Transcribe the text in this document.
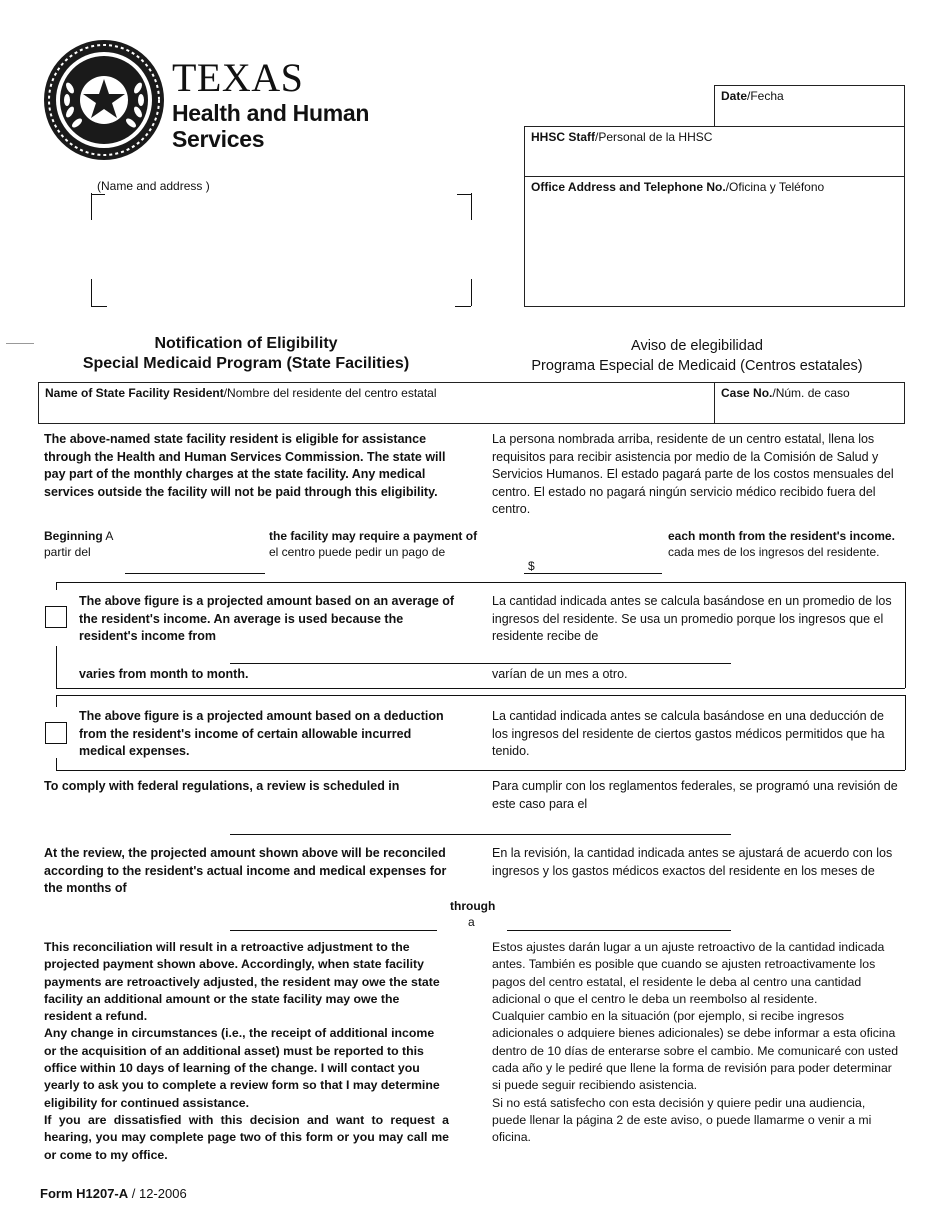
TEXAS
Health and Human
Services
Date/Fecha
HHSC Staff/Personal de la HHSC
Office Address and Telephone No./Oficina y Teléfono
(Name and address )
Notification of Eligibility
Special Medicaid Program (State Facilities)
Aviso de elegibilidad
Programa Especial de Medicaid (Centros estatales)
Name of State Facility Resident/Nombre del residente del centro estatal	Case No./Núm. de caso
The above-named state facility resident is eligible for assistance through the Health and Human Services Commission. The state will pay part of the monthly charges at the state facility. Any medical services outside the facility will not be paid through this eligibility.
La persona nombrada arriba, residente de un centro estatal, llena los requisitos para recibir asistencia por medio de la Comisión de Salud y Servicios Humanos. El estado pagará parte de los costos mensuales del centro. El estado no pagará ningún servicio médico recibido fuera del centro.
Beginning A
partir del
the facility may require a payment of
el centro puede pedir un pago de
$
each month from the resident's income.
cada mes de los ingresos del residente.
The above figure is a projected amount based on an average of the resident's income. An average is used because the resident's income from
La cantidad indicada antes se calcula basándose en un promedio de los ingresos del residente. Se usa un promedio porque los ingresos que el residente recibe de
varies from month to month.	varían de un mes a otro.
The above figure is a projected amount based on a deduction from the resident's income of certain allowable incurred medical expenses.
La cantidad indicada antes se calcula basándose en una deducción de los ingresos del residente de ciertos gastos médicos permitidos que ha tenido.
To comply with federal regulations, a review is scheduled in	Para cumplir con los reglamentos federales, se programó una revisión de este caso para el
At the review, the projected amount shown above will be reconciled according to the resident's actual income and medical expenses for the months of
En la revisión, la cantidad indicada antes se ajustará de acuerdo con los ingresos y los gastos médicos exactos del residente en los meses de
through
a
This reconciliation will result in a retroactive adjustment to the projected payment shown above. Accordingly, when state facility payments are retroactively adjusted, the resident may owe the state facility an additional amount or the state facility may owe the resident a refund.
Any change in circumstances (i.e., the receipt of additional income or the acquisition of an additional asset) must be reported to this office within 10 days of learning of the change. I will contact you yearly to ask you to complete a review form so that I may determine eligibility for continued assistance.
If you are dissatisfied with this decision and want to request a hearing, you may complete page two of this form or you may call me or come to my office.
Estos ajustes darán lugar a un ajuste retroactivo de la cantidad indicada antes. También es posible que cuando se ajusten retroactivamente los pagos del centro estatal, el residente le deba al centro una cantidad adicional o que el centro le deba un reembolso al residente.
Cualquier cambio en la situación (por ejemplo, si recibe ingresos adicionales o adquiere bienes adicionales) se debe informar a esta oficina dentro de 10 días de enterarse sobre el cambio. Me comunicaré con usted cada año y le pediré que llene la forma de revisión para poder determinar si puede seguir recibiendo asistencia.
Si no está satisfecho con esta decisión y quiere pedir una audiencia, puede llenar la página 2 de este aviso, o puede llamarme o venir a mi oficina.
Form H1207-A / 12-2006
